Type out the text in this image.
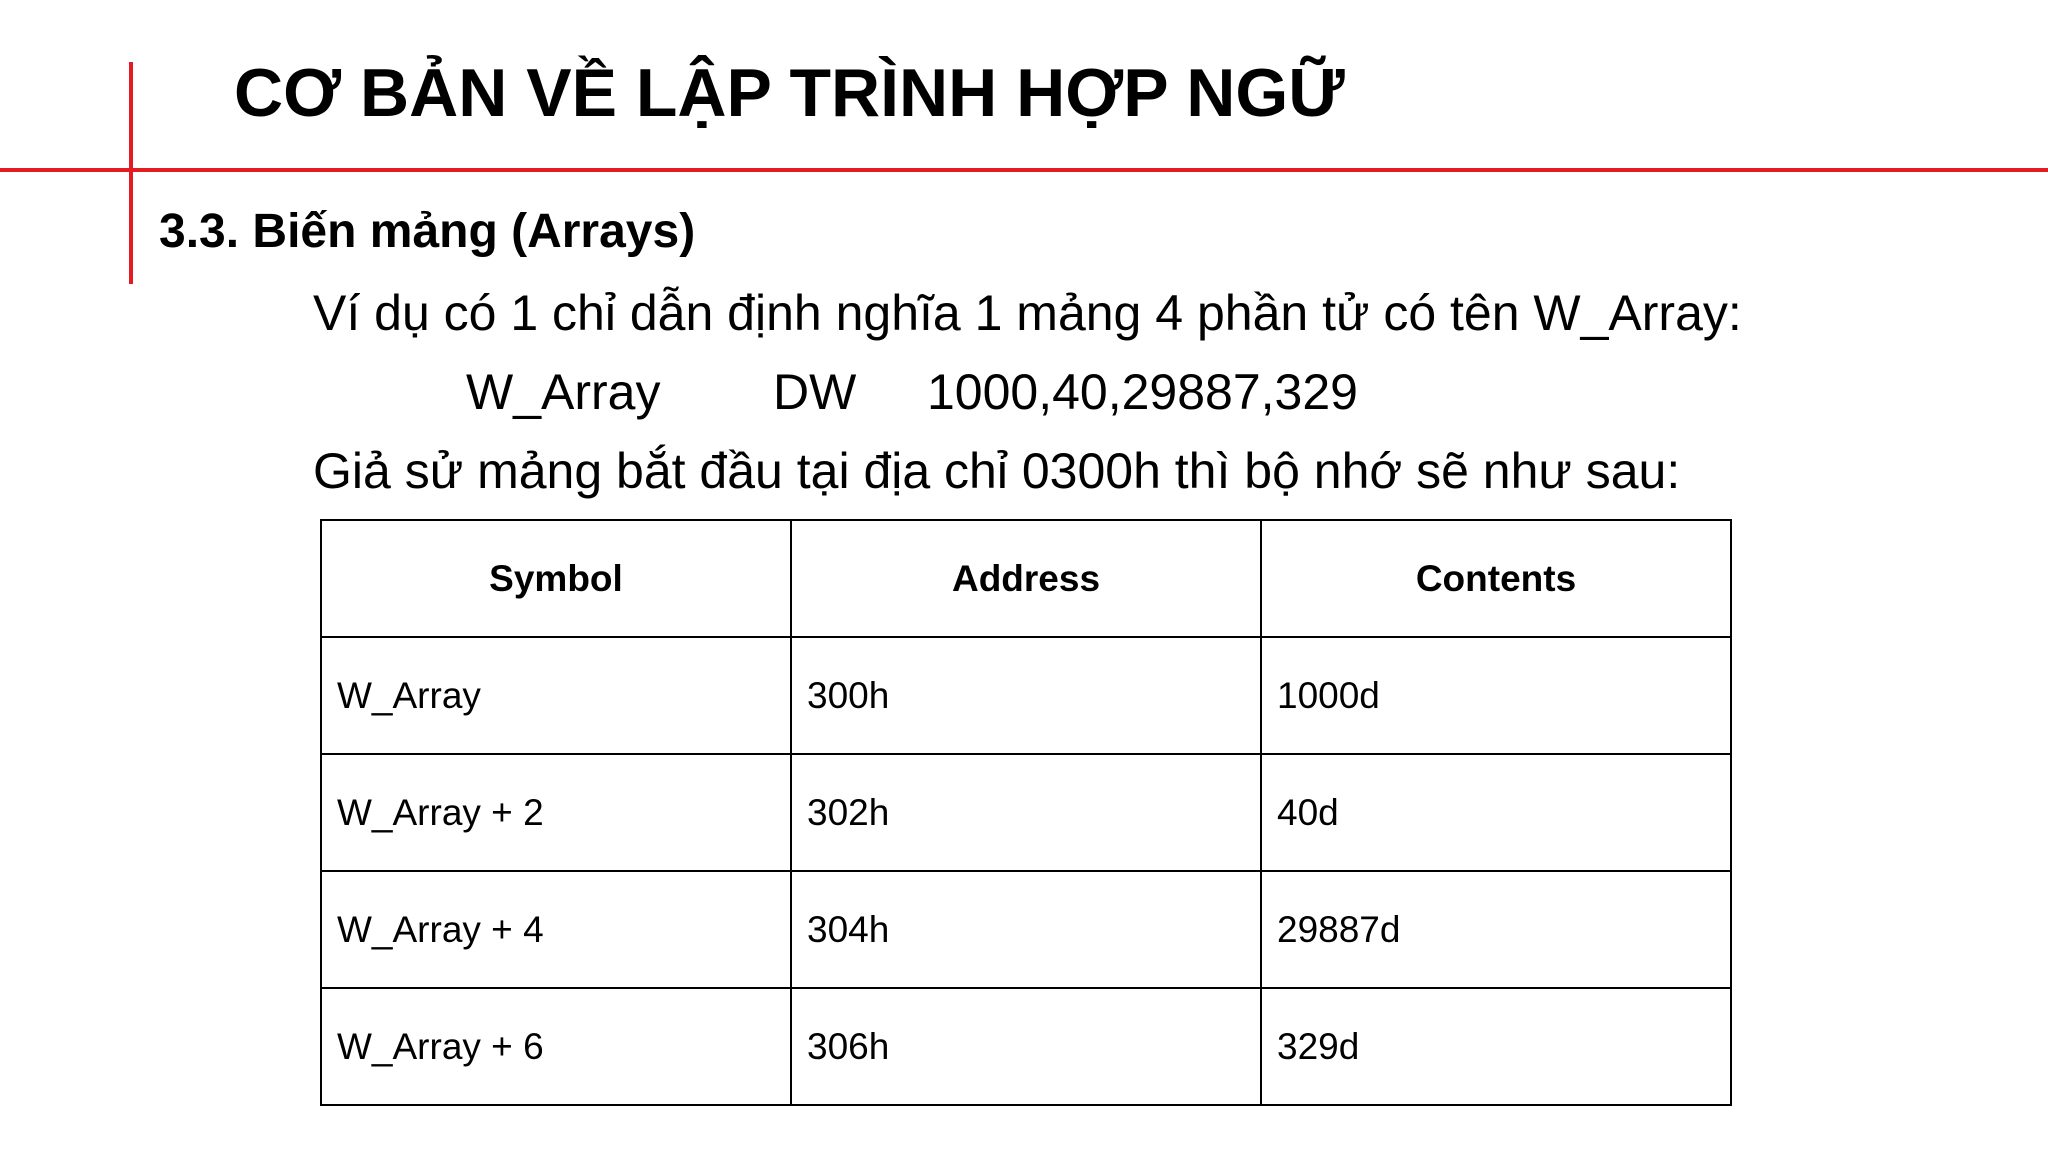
CƠ BẢN VỀ LẬP TRÌNH HỢP NGỮ
3.3. Biến mảng (Arrays)
Ví dụ có 1 chỉ dẫn định nghĩa 1 mảng 4 phần tử có tên W_Array:
W_Array DW 1000,40,29887,329
Giả sử mảng bắt đầu tại địa chỉ 0300h thì bộ nhớ sẽ như sau:
Symbol	Address	Contents
W_Array	300h	1000d
W_Array + 2	302h	40d
W_Array + 4	304h	29887d
W_Array + 6	306h	329d
